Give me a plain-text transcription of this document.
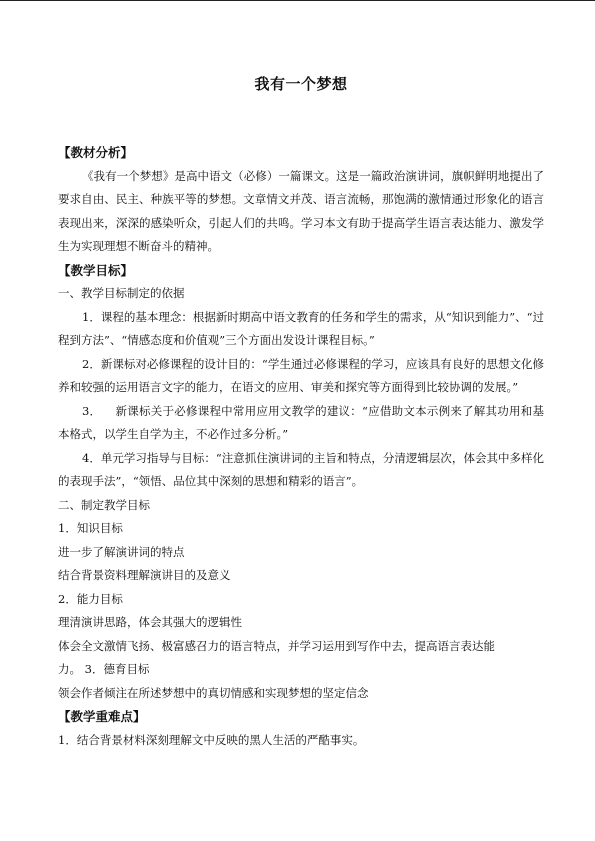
我有一个梦想

【教材分析】

《我有一个梦想》是高中语文（必修）一篇课文。这是一篇政治演讲词，旗帜鲜明地提出了要求自由、民主、种族平等的梦想。文章情文并茂、语言流畅，那饱满的激情通过形象化的语言表现出来，深深的感染听众，引起人们的共鸣。学习本文有助于提高学生语言表达能力、激发学生为实现理想不断奋斗的精神。

【教学目标】

一、教学目标制定的依据

1．课程的基本理念：根据新时期高中语文教育的任务和学生的需求，从“知识到能力”、“过程到方法”、“情感态度和价值观”三个方面出发设计课程目标。”

2．新课标对必修课程的设计目的：“学生通过必修课程的学习，应该具有良好的思想文化修养和较强的运用语言文字的能力，在语文的应用、审美和探究等方面得到比较协调的发展。”

3． 新课标关于必修课程中常用应用文教学的建议：“应借助文本示例来了解其功用和基本格式，以学生自学为主，不必作过多分析。”

4．单元学习指导与目标：“注意抓住演讲词的主旨和特点，分清逻辑层次，体会其中多样化的表现手法”，“领悟、品位其中深刻的思想和精彩的语言”。

二、制定教学目标

1．知识目标

进一步了解演讲词的特点

结合背景资料理解演讲目的及意义

2．能力目标

理清演讲思路，体会其强大的逻辑性

体会全文激情飞扬、极富感召力的语言特点，并学习运用到写作中去，提高语言表达能

力。 3．德育目标

领会作者倾注在所述梦想中的真切情感和实现梦想的坚定信念

【教学重难点】

1．结合背景材料深刻理解文中反映的黑人生活的严酷事实。
